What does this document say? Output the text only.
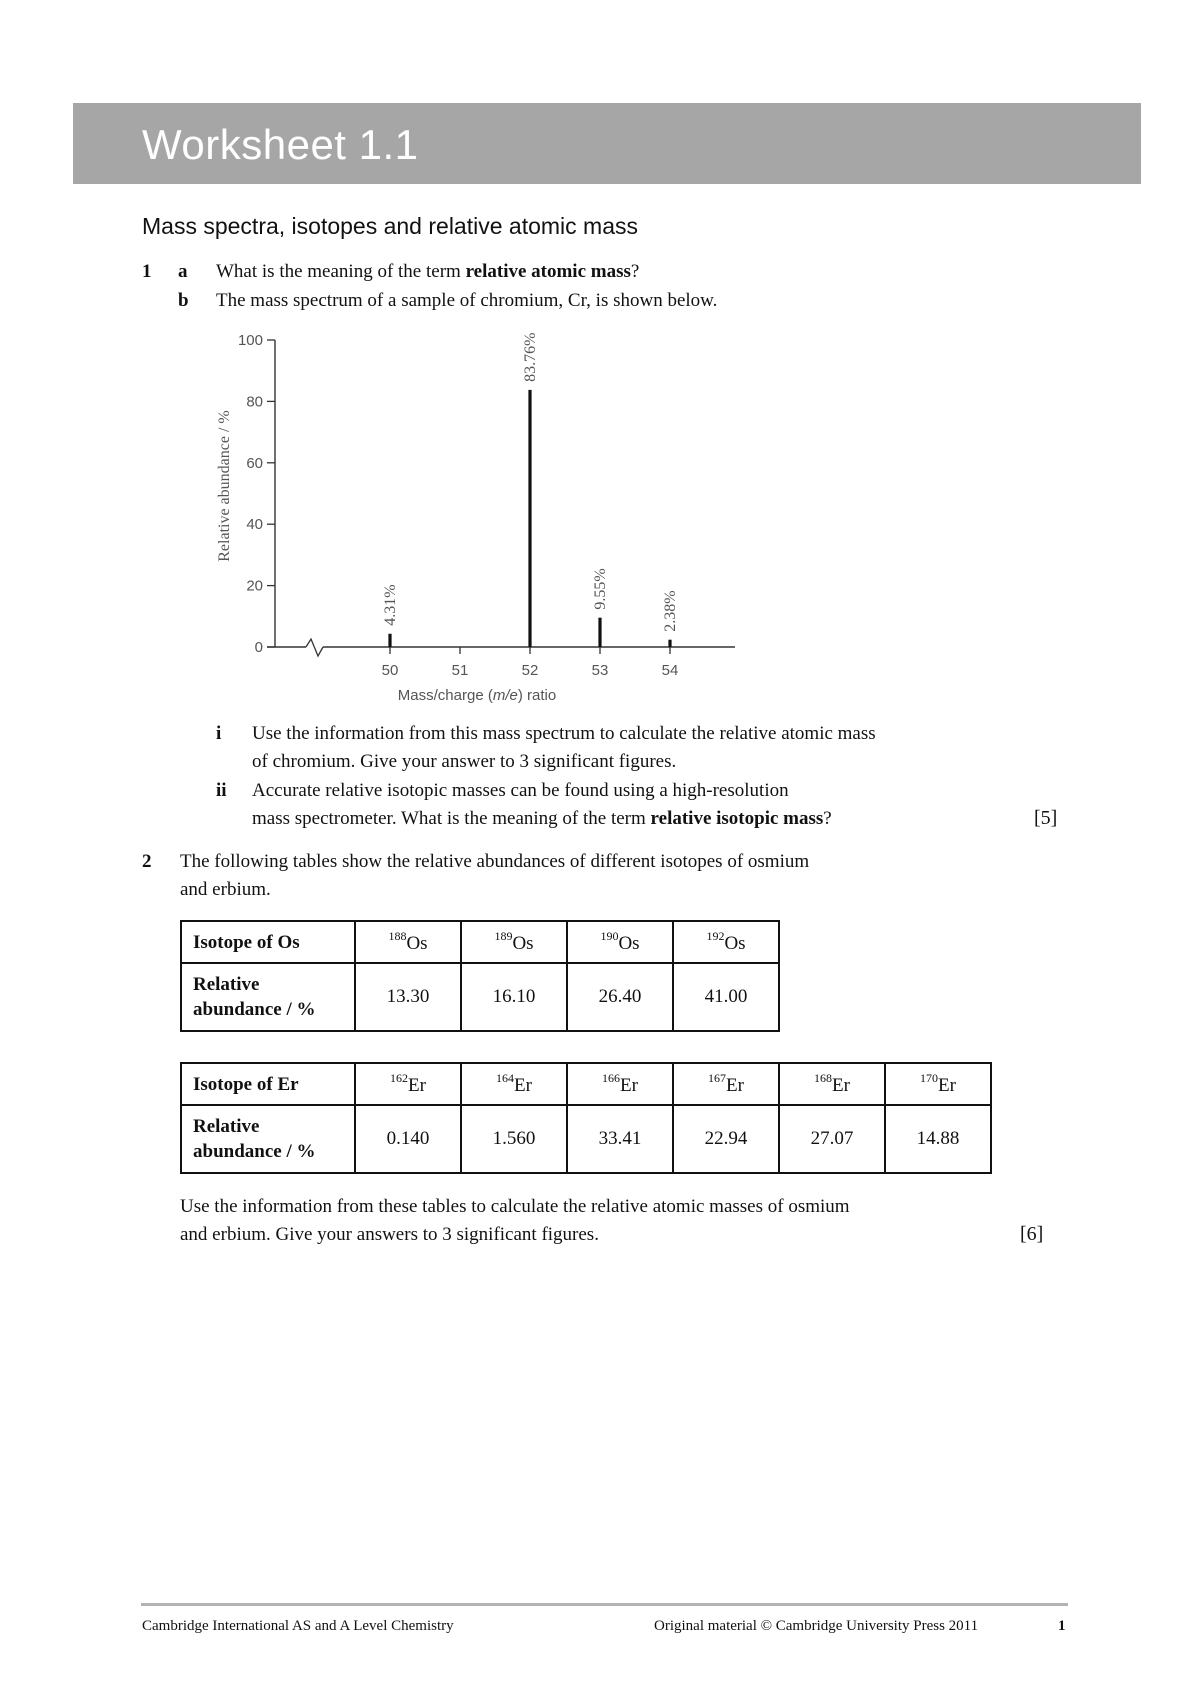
Worksheet 1.1
Mass spectra, isotopes and relative atomic mass
1 a What is the meaning of the term relative atomic mass?
b The mass spectrum of a sample of chromium, Cr, is shown below.
0
20
40
60
80
100
50	51	52	53	54
4.31%
83.76%
9.55%
2.38%
Relative abundance / %
Mass/charge (m/e) ratio
i Use the information from this mass spectrum to calculate the relative atomic mass
of chromium. Give your answer to 3 significant figures.
ii Accurate relative isotopic masses can be found using a high-resolution
mass spectrometer. What is the meaning of the term relative isotopic mass?	[5]
2 The following tables show the relative abundances of different isotopes of osmium
and erbium.
Isotope of Os	$^{188}$Os	$^{189}$Os	$^{190}$Os	$^{192}$Os
Relative
abundance / %	13.30	16.10	26.40	41.00
Isotope of Er	$^{162}$Er	$^{164}$Er	$^{166}$Er	$^{167}$Er	$^{168}$Er	$^{170}$Er
Relative
abundance / %	0.140	1.560	33.41	22.94	27.07	14.88
Use the information from these tables to calculate the relative atomic masses of osmium
and erbium. Give your answers to 3 significant figures.	[6]
Cambridge International AS and A Level Chemistry	Original material © Cambridge University Press 2011	1
